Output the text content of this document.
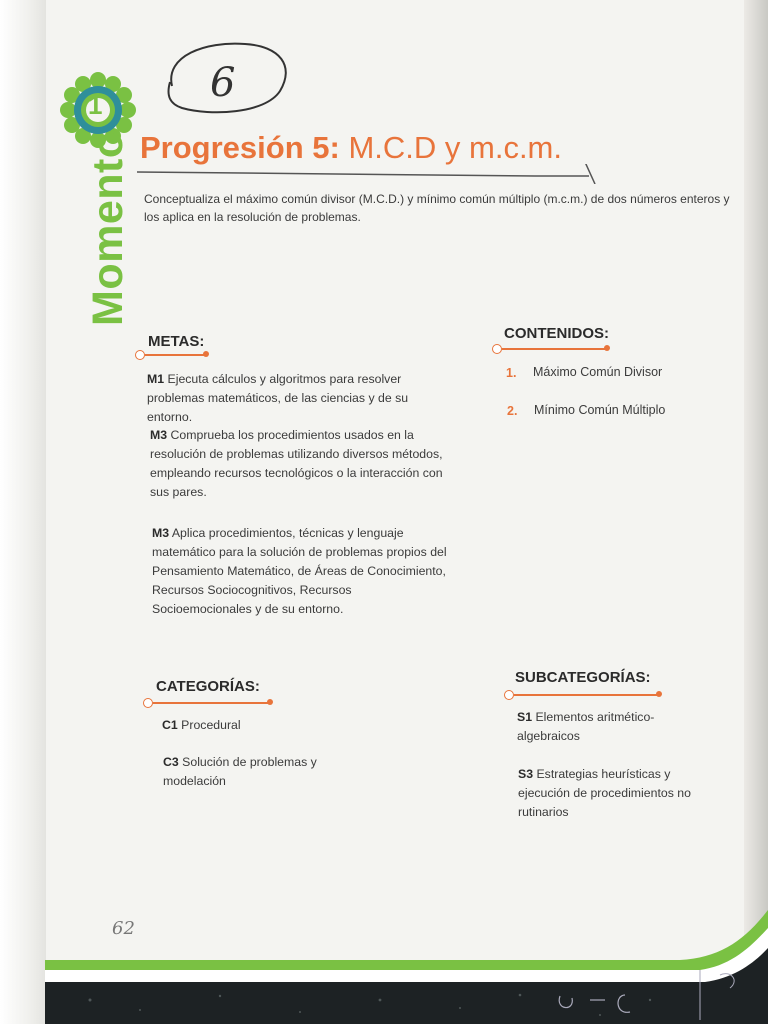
1
Momento
6
Progresión 5: M.C.D y m.c.m.
Conceptualiza el máximo común divisor (M.C.D.) y mínimo común múltiplo (m.c.m.) de dos números enteros y los aplica en la resolución de problemas.
METAS:
M1 Ejecuta cálculos y algoritmos para resolver problemas matemáticos, de las ciencias y de su entorno.
M3 Comprueba los procedimientos usados en la resolución de problemas utilizando diversos métodos, empleando recursos tecnológicos o la interacción con sus pares.
M3 Aplica procedimientos, técnicas y lenguaje matemático para la solución de problemas propios del Pensamiento Matemático, de Áreas de Conocimiento, Recursos Sociocognitivos, Recursos Socioemocionales y de su entorno.
CONTENIDOS:
1. Máximo Común Divisor
2. Mínimo Común Múltiplo
CATEGORÍAS:
C1 Procedural
C3 Solución de problemas y modelación
SUBCATEGORÍAS:
S1 Elementos aritmético-algebraicos
S3 Estrategias heurísticas y ejecución de procedimientos no rutinarios
62
